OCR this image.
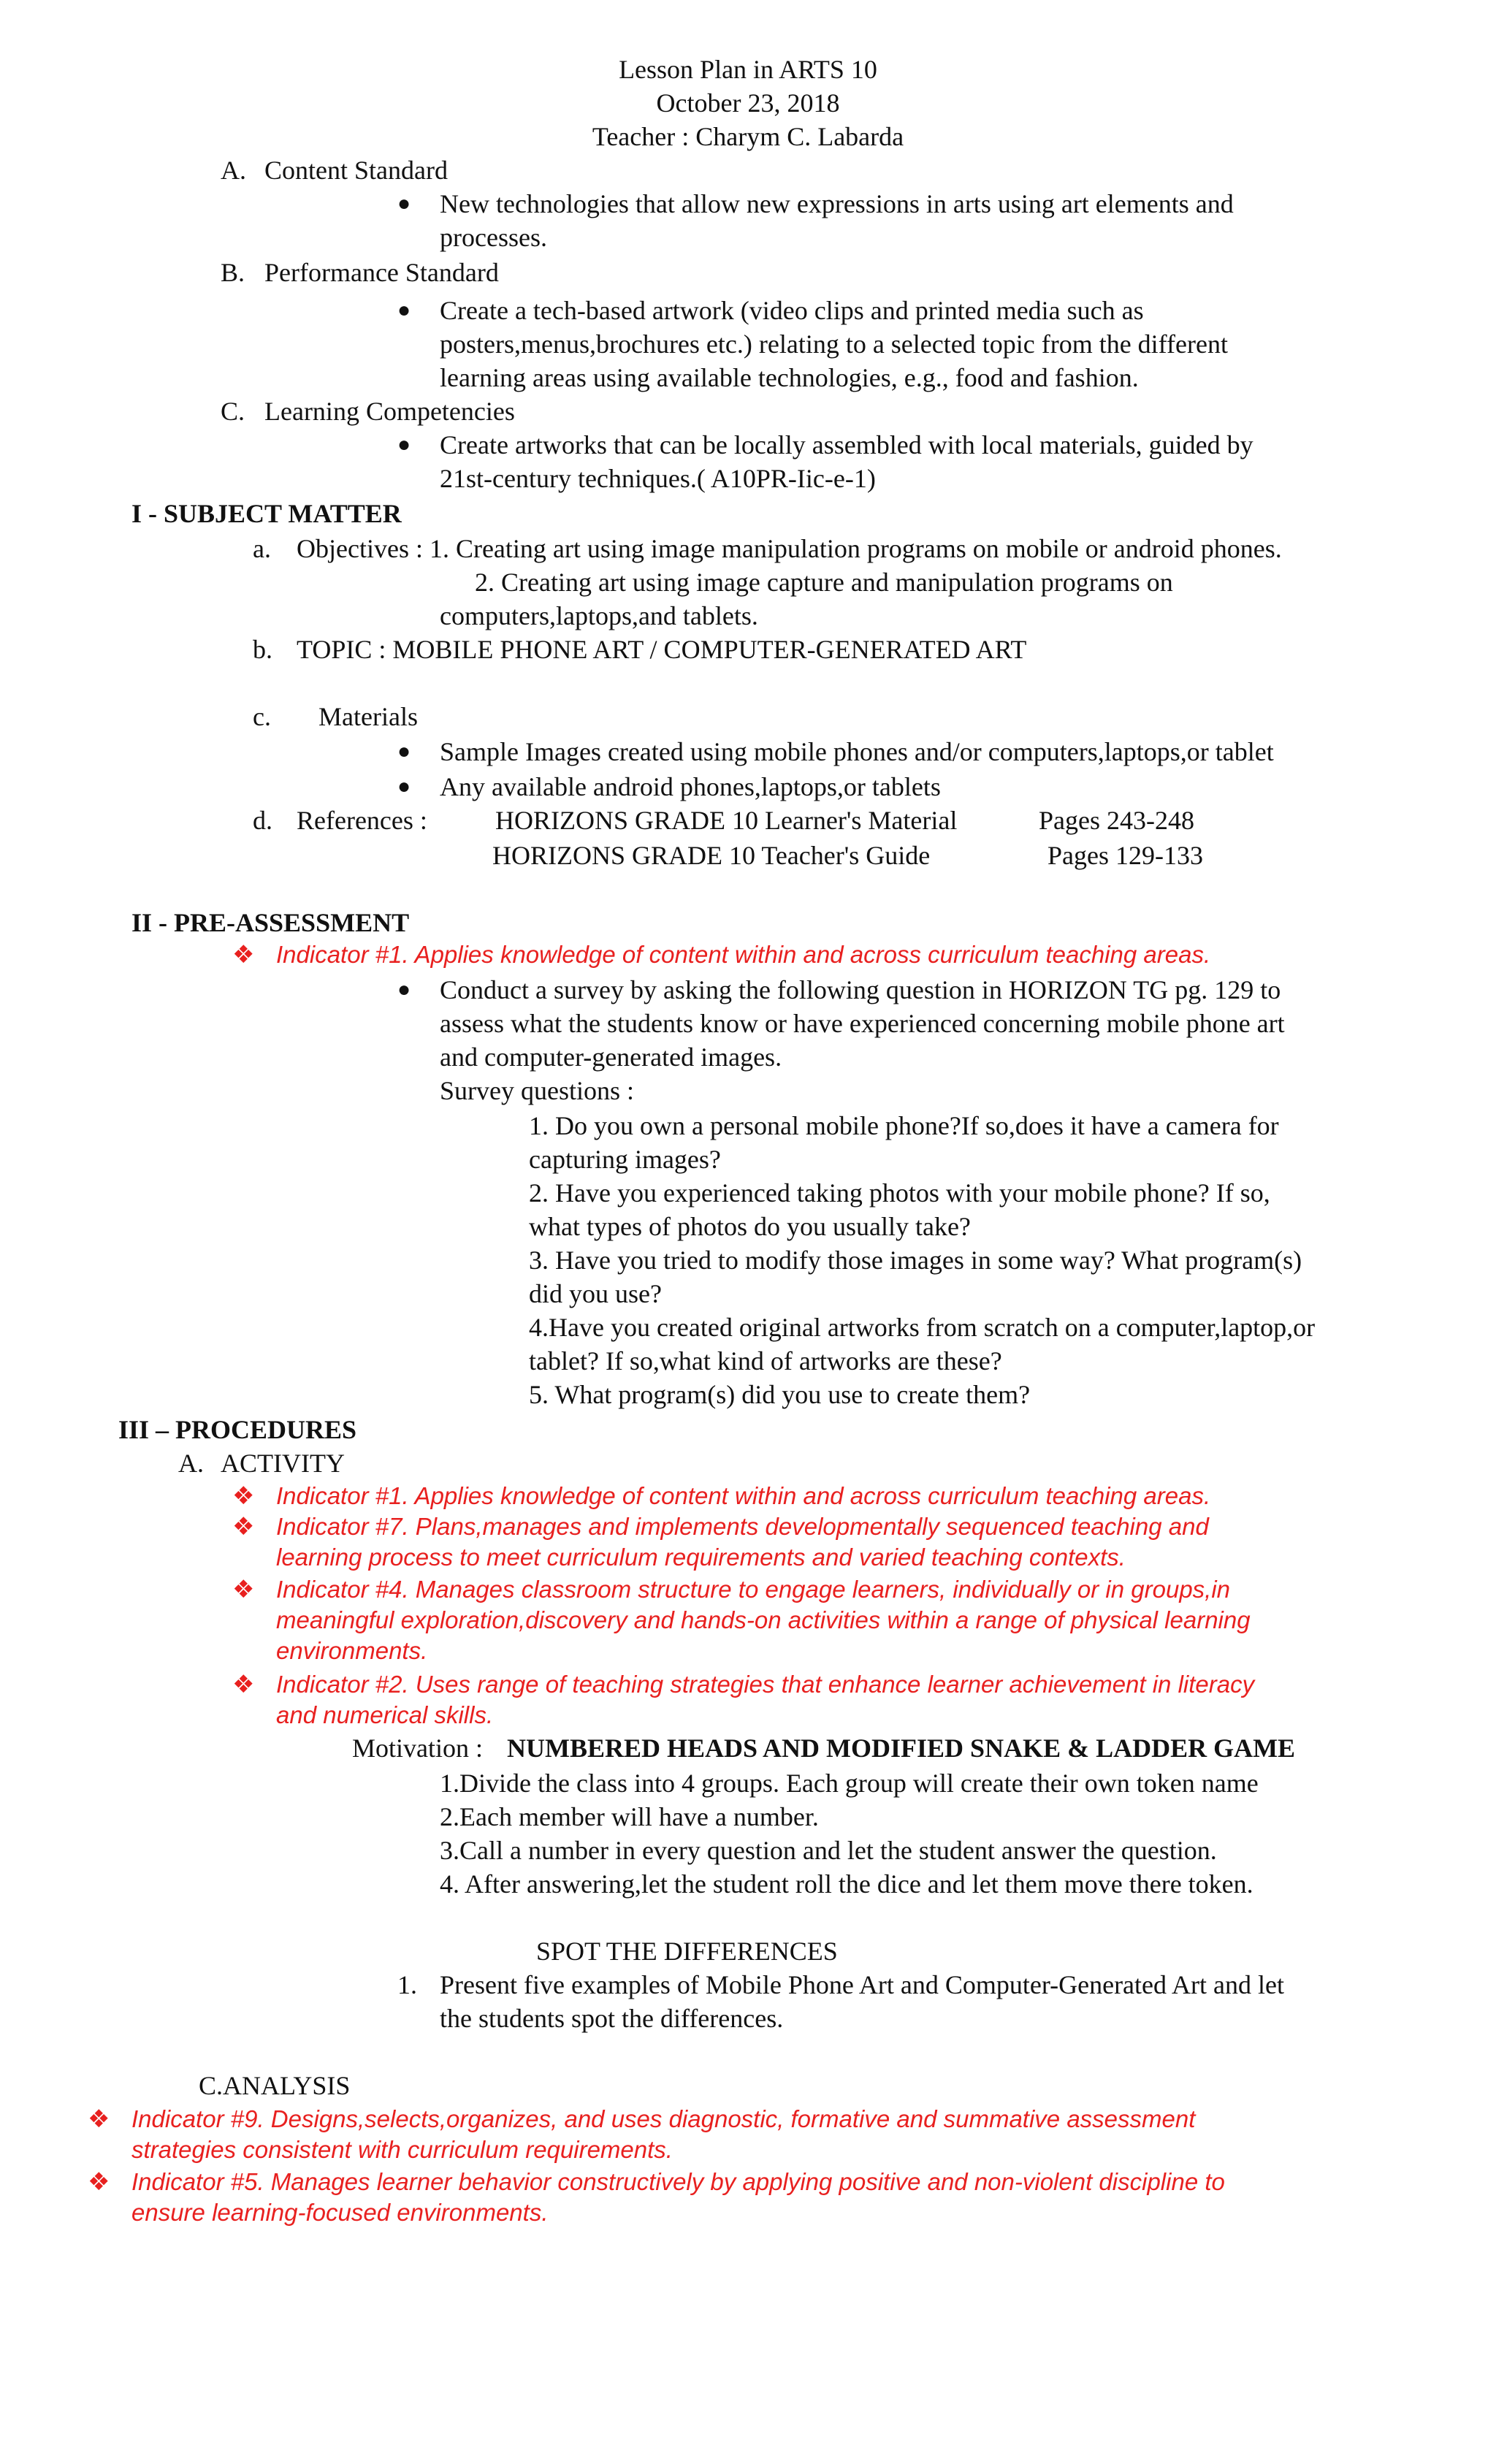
Lesson Plan in ARTS 10
October 23, 2018
Teacher : Charym C. Labarda
A. Content Standard
● New technologies that allow new expressions in arts using art elements and
processes.
B. Performance Standard
● Create a tech-based artwork (video clips and printed media such as
posters,menus,brochures etc.) relating to a selected topic from the different
learning areas using available technologies, e.g., food and fashion.
C. Learning Competencies
● Create artworks that can be locally assembled with local materials, guided by
21st-century techniques.( A10PR-Iic-e-1)
I - SUBJECT MATTER
a. Objectives : 1. Creating art using image manipulation programs on mobile or android phones.
2. Creating art using image capture and manipulation programs on
computers,laptops,and tablets.
b. TOPIC : MOBILE PHONE ART / COMPUTER-GENERATED ART
c. Materials
● Sample Images created using mobile phones and/or computers,laptops,or tablet
● Any available android phones,laptops,or tablets
d. References :	HORIZONS GRADE 10 Learner's Material	Pages 243-248
HORIZONS GRADE 10 Teacher's Guide	Pages 129-133
II - PRE-ASSESSMENT
❖ Indicator #1. Applies knowledge of content within and across curriculum teaching areas.
● Conduct a survey by asking the following question in HORIZON TG pg. 129 to
assess what the students know or have experienced concerning mobile phone art
and computer-generated images.
Survey questions :
1. Do you own a personal mobile phone?If so,does it have a camera for
capturing images?
2. Have you experienced taking photos with your mobile phone? If so,
what types of photos do you usually take?
3. Have you tried to modify those images in some way? What program(s)
did you use?
4.Have you created original artworks from scratch on a computer,laptop,or
tablet? If so,what kind of artworks are these?
5. What program(s) did you use to create them?
III – PROCEDURES
A. ACTIVITY
❖ Indicator #1. Applies knowledge of content within and across curriculum teaching areas.
❖ Indicator #7. Plans,manages and implements developmentally sequenced teaching and
learning process to meet curriculum requirements and varied teaching contexts.
❖ Indicator #4. Manages classroom structure to engage learners, individually or in groups,in
meaningful exploration,discovery and hands-on activities within a range of physical learning
environments.
❖ Indicator #2. Uses range of teaching strategies that enhance learner achievement in literacy
and numerical skills.
Motivation : NUMBERED HEADS AND MODIFIED SNAKE & LADDER GAME
1.Divide the class into 4 groups. Each group will create their own token name
2.Each member will have a number.
3.Call a number in every question and let the student answer the question.
4. After answering,let the student roll the dice and let them move there token.
SPOT THE DIFFERENCES
1. Present five examples of Mobile Phone Art and Computer-Generated Art and let
the students spot the differences.
C.ANALYSIS
❖ Indicator #9. Designs,selects,organizes, and uses diagnostic, formative and summative assessment
strategies consistent with curriculum requirements.
❖ Indicator #5. Manages learner behavior constructively by applying positive and non-violent discipline to
ensure learning-focused environments.
